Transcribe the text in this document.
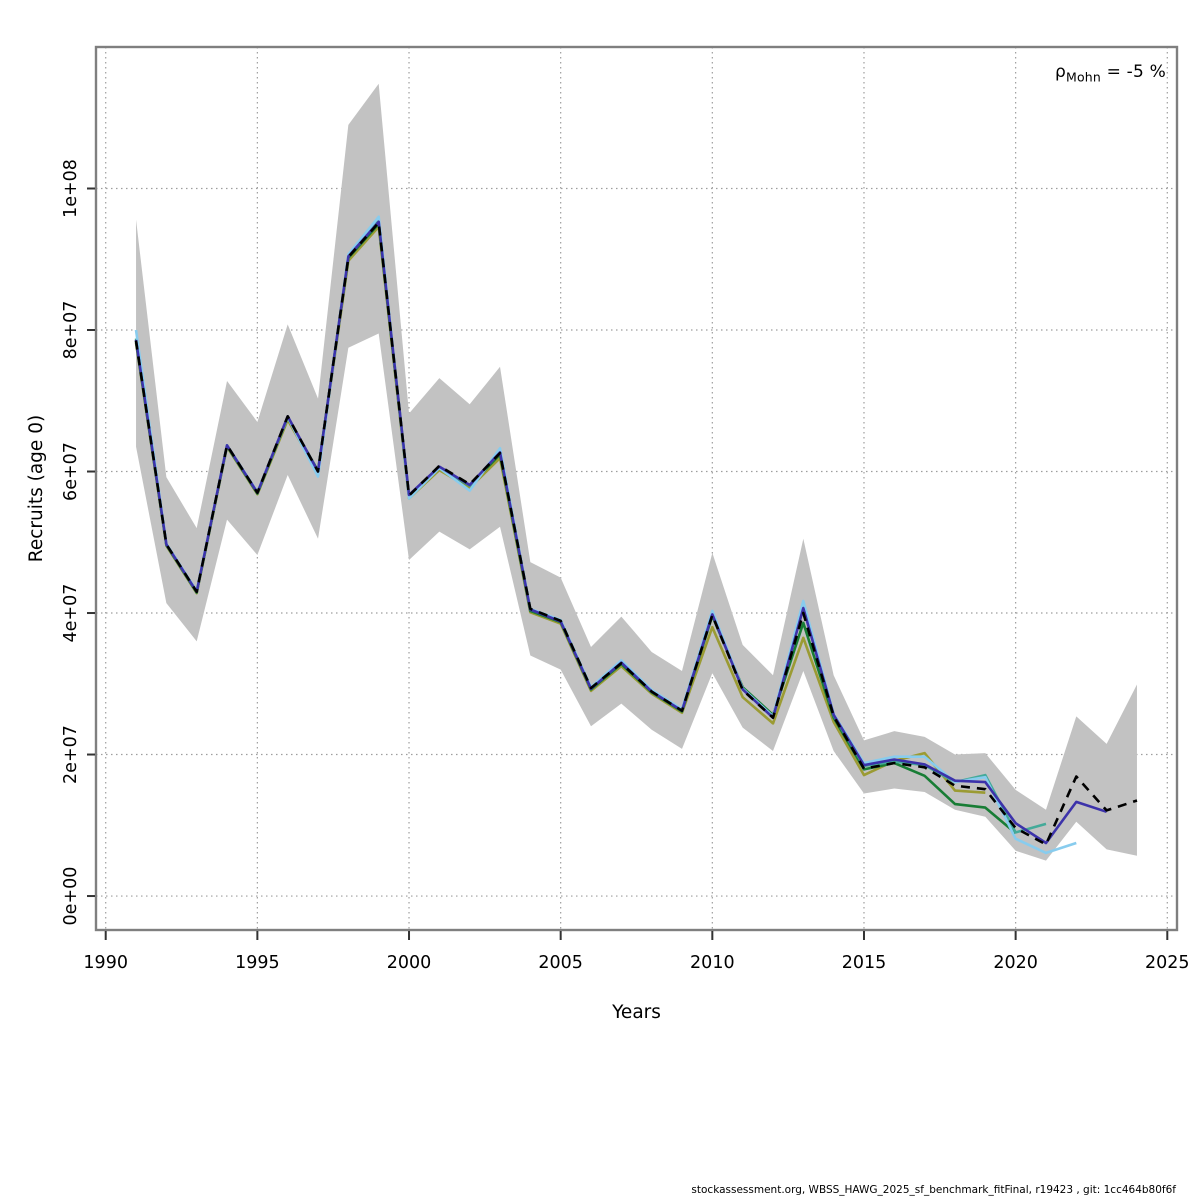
1990	1995	2000	2005	2010	2015	2020	2025
0e+00
2e+07
4e+07
6e+07
8e+07
1e+08
Years
Recruits (age 0)
$\rho_{Mohn} = -5$ %
stockassessment.org, WBSS_HAWG_2025_sf_benchmark_fitFinal, r19423 , git: 1cc464b80f6f
